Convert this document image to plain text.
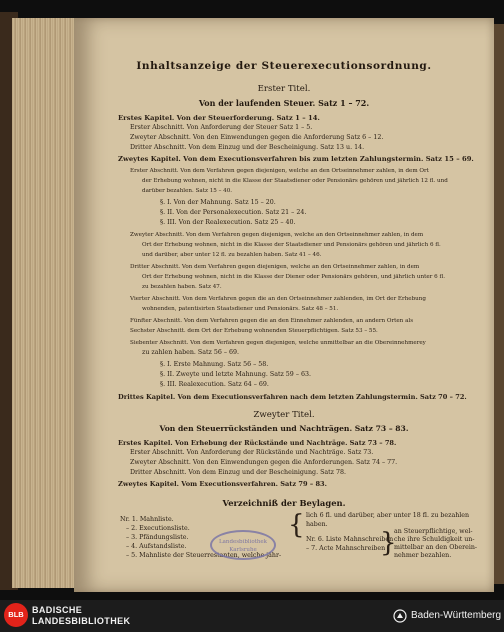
Inhaltsanzeige der Steuerexecutionsordnung.
Erster Titel.
Von der laufenden Steuer. Satz 1 – 72.
Erstes Kapitel. Von der Steuerforderung. Satz 1 – 14.
Erster Abschnitt. Von Anforderung der Steuer Satz 1 – 5.
Zweyter Abschnitt. Von den Einwendungen gegen die Anforderung Satz 6 – 12.
Dritter Abschnitt. Von dem Einzug und der Bescheinigung. Satz 13 u. 14.
Zweytes Kapitel. Von dem Executionsverfahren bis zum letzten Zahlungstermin. Satz 15 – 69.
Erster Abschnitt. Von dem Verfahren gegen diejenigen, welche an den Ortseinnehmer zahlen, in dem Ort
der Erhebung wohnen, nicht in die Klasse der Staatsdiener oder Pensionärs gehören und jährlich 12 fl. und
darüber bezahlen. Satz 15 – 40.
§. I. Von der Mahnung. Satz 15 – 20.
§. II. Von der Personalexecution. Satz 21 – 24.
§. III. Von der Realexecution. Satz 25 – 40.
Zweyter Abschnitt. Von dem Verfahren gegen diejenigen, welche an den Ortseinnehmer zahlen, in dem
Ort der Erhebung wohnen, nicht in die Klasse der Staatsdiener und Pensionärs gehören und jährlich 6 fl.
und darüber, aber unter 12 fl. zu bezahlen haben. Satz 41 – 46.
Dritter Abschnitt. Von dem Verfahren gegen diejenigen, welche an den Ortseinnehmer zahlen, in dem
Ort der Erhebung wohnen, nicht in die Klasse der Diener oder Pensionärs gehören, und jährlich unter 6 fl.
zu bezahlen haben. Satz 47.
Vierter Abschnitt. Von dem Verfahren gegen die an den Ortseinnehmer zahlenden, im Ort der Erhebung
wohnenden, patentisirten Staatsdiener und Pensionärs. Satz 48 – 51.
Fünfter Abschnitt. Von dem Verfahren gegen die an den Einnehmer zahlenden, an andern Orten als
Sechster Abschnitt. dem Ort der Erhebung wohnenden Steuerpflichtigen. Satz 53 – 55.
Siebenter Abschnitt. Von dem Verfahren gegen diejenigen, welche unmittelbar an die Obereinnehmerey
zu zahlen haben. Satz 56 – 69.
§. I. Erste Mahnung. Satz 56 – 58.
§. II. Zweyte und letzte Mahnung. Satz 59 – 63.
§. III. Realexecution. Satz 64 – 69.
Drittes Kapitel. Von dem Executionsverfahren nach dem letzten Zahlungstermin. Satz 70 – 72.
Zweyter Titel.
Von den Steuerrückständen und Nachträgen. Satz 73 – 83.
Erstes Kapitel. Von Erhebung der Rückstände und Nachträge. Satz 73 – 78.
Erster Abschnitt. Von Anforderung der Rückstände und Nachträge. Satz 73.
Zweyter Abschnitt. Von den Einwendungen gegen die Anforderungen. Satz 74 – 77.
Dritter Abschnitt. Von dem Einzug und der Bescheinigung. Satz 78.
Zweytes Kapitel. Vom Executionsverfahren. Satz 79 – 83.
Verzeichniß der Beylagen.
Nr. 1. Mahnliste.
– 2. Executionsliste.
– 3. Pfändungsliste.
– 4. Aufstandsliste.
– 5. Mahnliste der Steuerrestanten, welche jähr-
{ lich 6 fl. und darüber, aber unter 18 fl. zu bezahlen
haben.
Nr. 6. Liste Mahnschreiben
– 7. Acte Mahnschreiben
}
an Steuerpflichtige, wel-
che ihre Schuldigkeit un-
mittelbar an den Oberein-
nehmer bezahlen.
Landesbibliothek Karlsruhe
BLB BADISCHE
LANDESBIBLIOTHEK	Baden-Württemberg
